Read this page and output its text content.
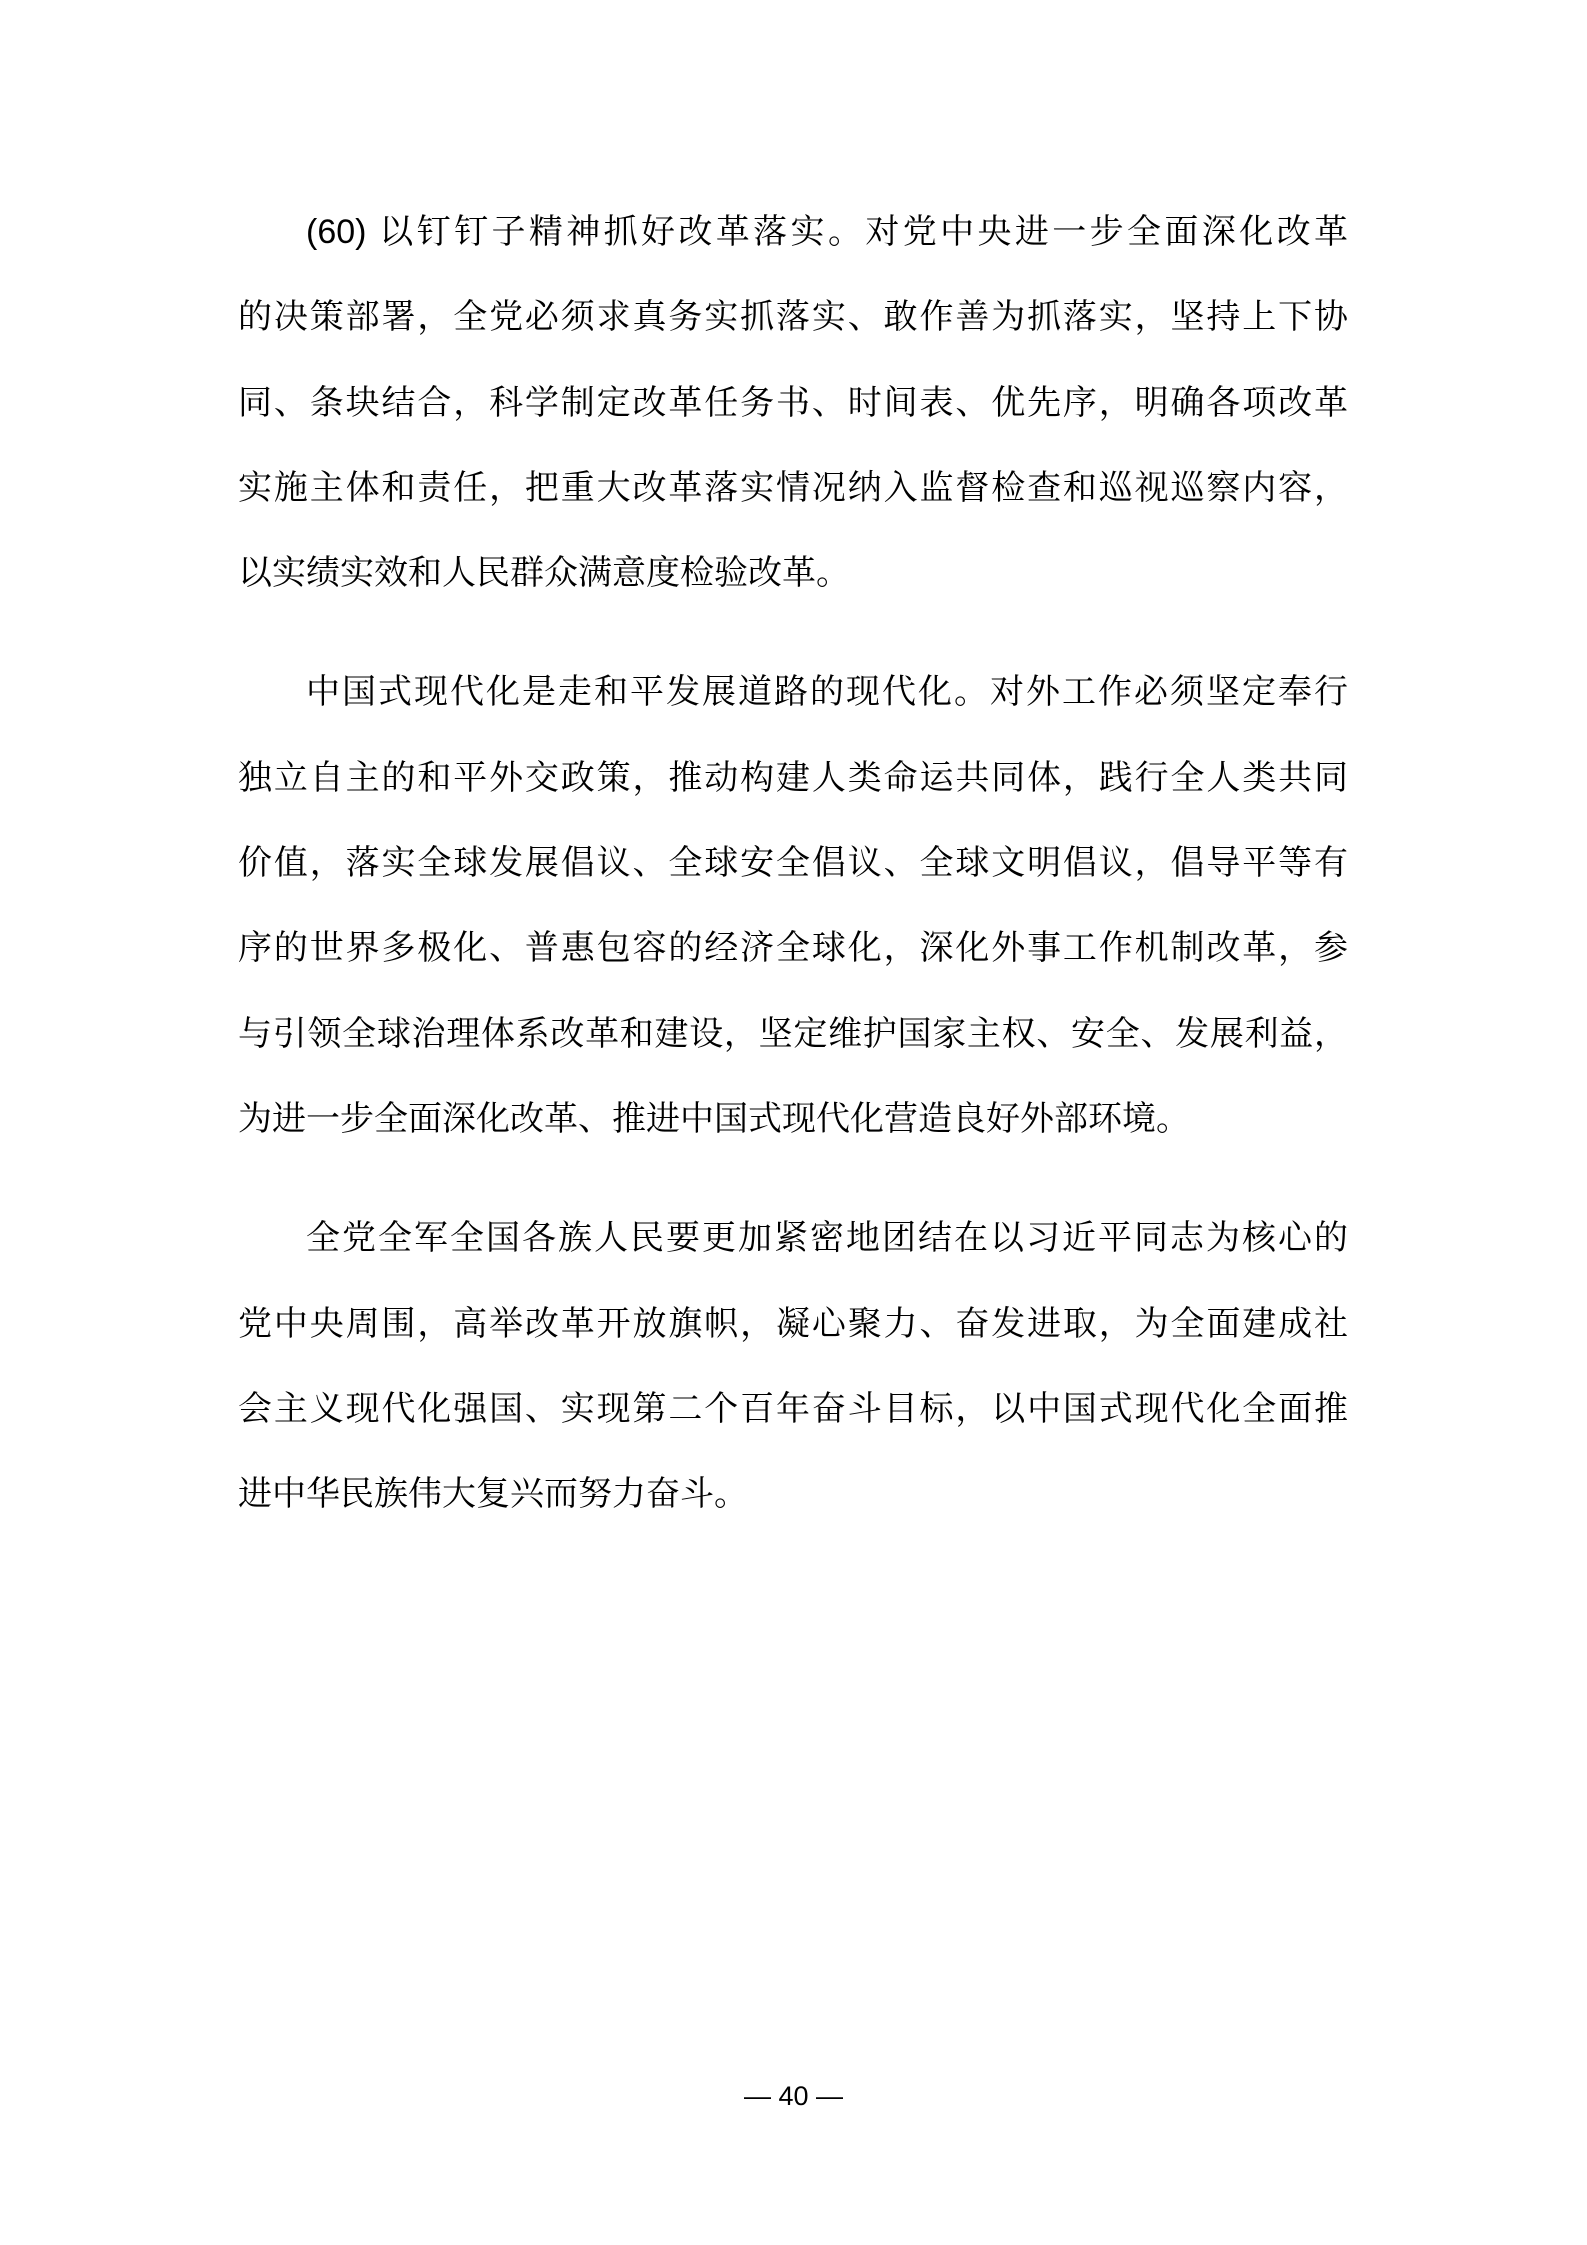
(60) 以钉钉子精神抓好改革落实。对党中央进一步全面深化改革
的决策部署，全党必须求真务实抓落实、敢作善为抓落实，坚持上下协
同、条块结合，科学制定改革任务书、时间表、优先序，明确各项改革
实施主体和责任，把重大改革落实情况纳入监督检查和巡视巡察内容，
以实绩实效和人民群众满意度检验改革。
中国式现代化是走和平发展道路的现代化。对外工作必须坚定奉行
独立自主的和平外交政策，推动构建人类命运共同体，践行全人类共同
价值，落实全球发展倡议、全球安全倡议、全球文明倡议，倡导平等有
序的世界多极化、普惠包容的经济全球化，深化外事工作机制改革，参
与引领全球治理体系改革和建设，坚定维护国家主权、安全、发展利益，
为进一步全面深化改革、推进中国式现代化营造良好外部环境。
全党全军全国各族人民要更加紧密地团结在以习近平同志为核心的
党中央周围，高举改革开放旗帜，凝心聚力、奋发进取，为全面建成社
会主义现代化强国、实现第二个百年奋斗目标，以中国式现代化全面推
进中华民族伟大复兴而努力奋斗。
— 40 —
